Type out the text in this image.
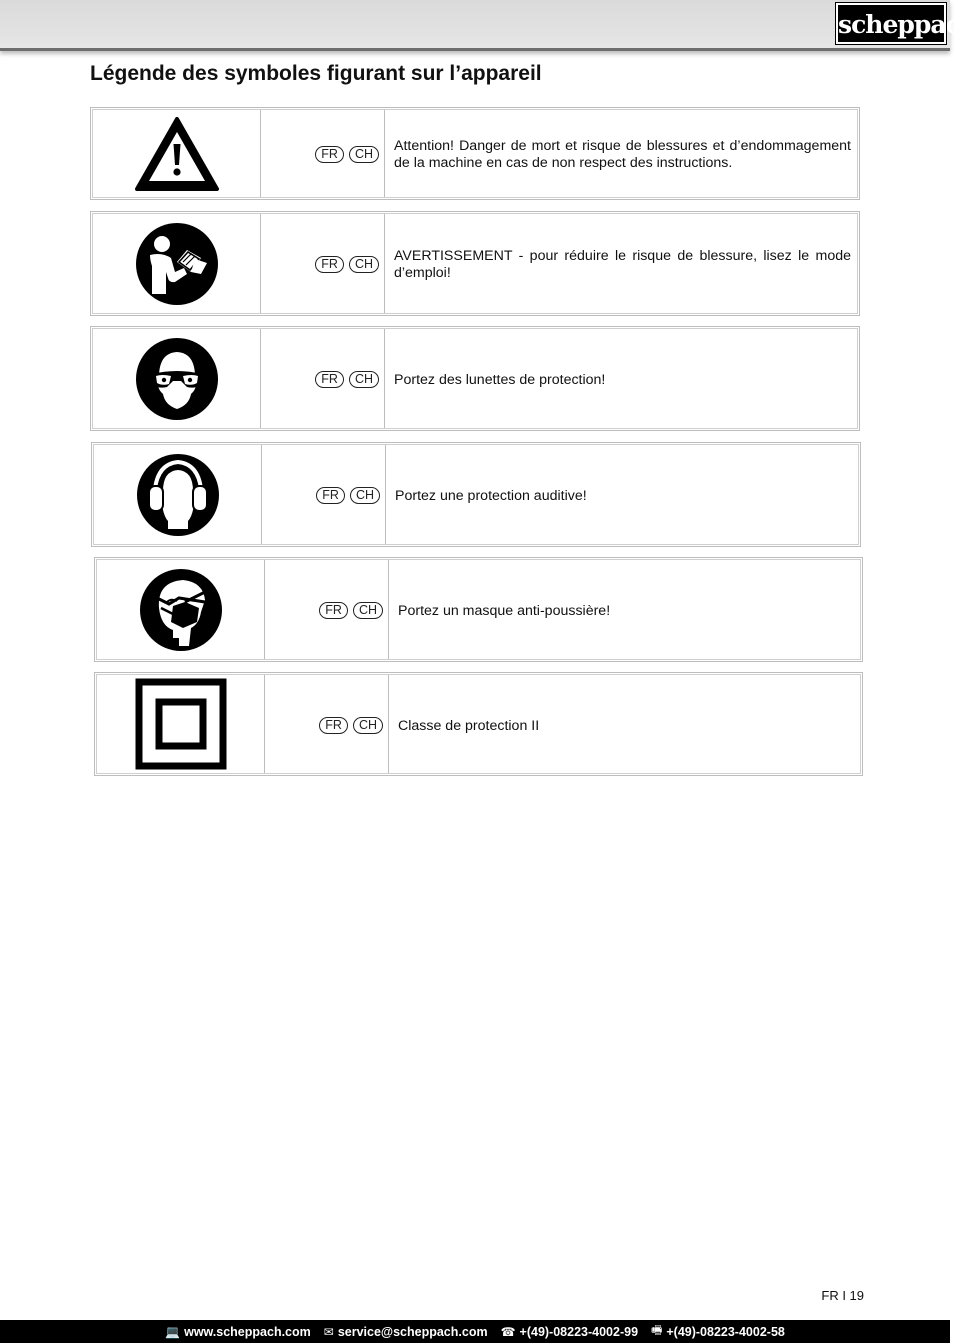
scheppach
Légende des symboles figurant sur l’appareil
FR	CH	Attention! Danger de mort et risque de blessures et d’endommagement de la machine en cas de non respect des instructions.
FR	CH	AVERTISSEMENT - pour réduire le risque de blessure, lisez le mode d’emploi!
FR	CH	Portez des lunettes de protection!
FR	CH	Portez une protection auditive!
FR	CH	Portez un masque anti-poussière!
FR	CH	Classe de protection II
FR I 19
💻 www.scheppach.com ✉ service@scheppach.com ☎ +(49)-08223-4002-99 🖷 +(49)-08223-4002-58
